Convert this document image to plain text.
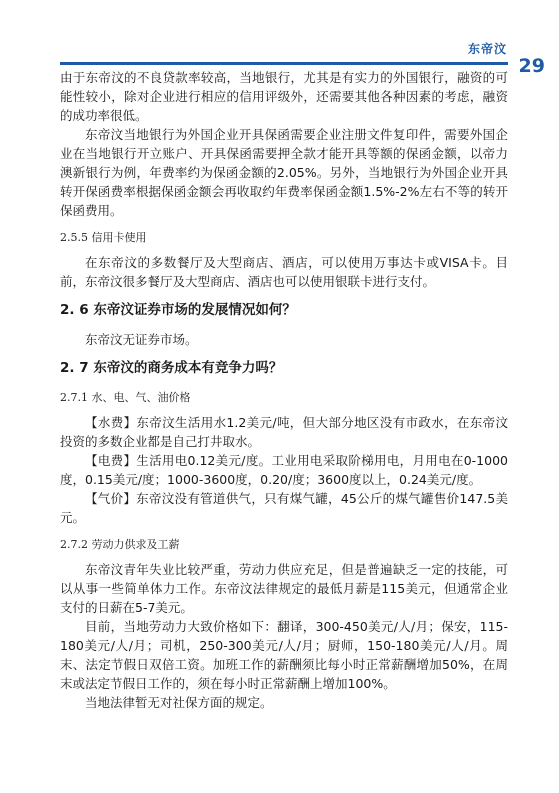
东帝汶
29

由于东帝汶的不良贷款率较高，当地银行，尤其是有实力的外国银行，融资的可能性较小，除对企业进行相应的信用评级外，还需要其他各种因素的考虑，融资的成功率很低。

东帝汶当地银行为外国企业开具保函需要企业注册文件复印件，需要外国企业在当地银行开立账户、开具保函需要押全款才能开具等额的保函金额，以帝力澳新银行为例，年费率约为保函金额的2.05%。另外，当地银行为外国企业开具转开保函费率根据保函金额会再收取约年费率保函金额1.5%-2%左右不等的转开保函费用。

2.5.5 信用卡使用

在东帝汶的多数餐厅及大型商店、酒店，可以使用万事达卡或VISA卡。目前，东帝汶很多餐厅及大型商店、酒店也可以使用银联卡进行支付。

2. 6 东帝汶证券市场的发展情况如何？

东帝汶无证券市场。

2. 7 东帝汶的商务成本有竞争力吗？

2.7.1 水、电、气、油价格

【水费】东帝汶生活用水1.2美元/吨，但大部分地区没有市政水，在东帝汶投资的多数企业都是自己打井取水。

【电费】生活用电0.12美元/度。工业用电采取阶梯用电，月用电在0-1000度，0.15美元/度；1000-3600度，0.20/度；3600度以上，0.24美元/度。

【气价】东帝汶没有管道供气，只有煤气罐，45公斤的煤气罐售价147.5美元。

2.7.2 劳动力供求及工薪

东帝汶青年失业比较严重，劳动力供应充足，但是普遍缺乏一定的技能，可以从事一些简单体力工作。东帝汶法律规定的最低月薪是115美元，但通常企业支付的日薪在5-7美元。

目前，当地劳动力大致价格如下：翻译，300-450美元/人/月；保安，115-180美元/人/月；司机，250-300美元/人/月；厨师，150-180美元/人/月。周末、法定节假日双倍工资。加班工作的薪酬须比每小时正常薪酬增加50%，在周末或法定节假日工作的，须在每小时正常薪酬上增加100%。

当地法律暂无对社保方面的规定。
